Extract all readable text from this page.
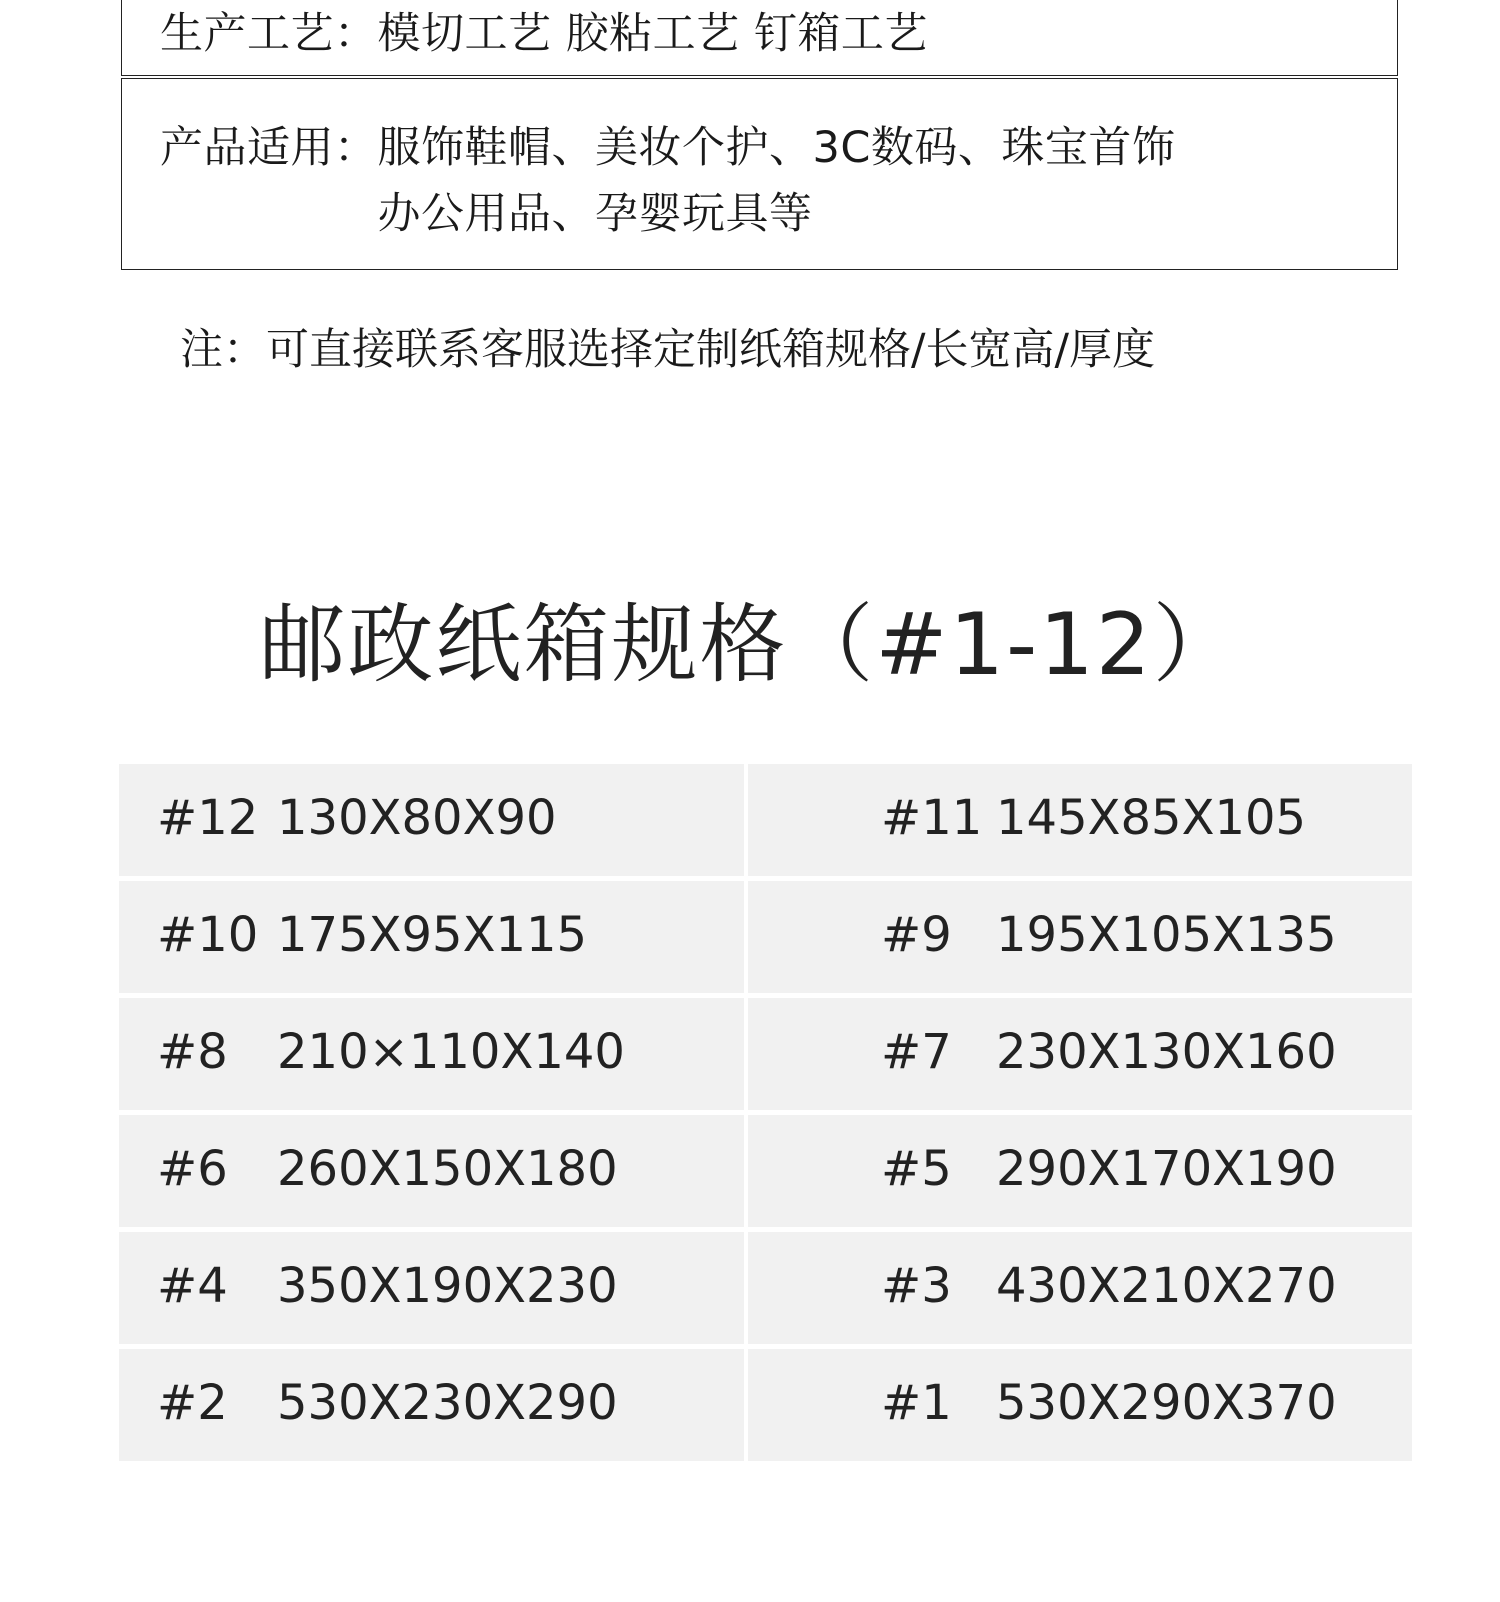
生产工艺：模切工艺 胶粘工艺 钉箱工艺
产品适用：服饰鞋帽、美妆个护、3C数码、珠宝首饰
办公用品、孕婴玩具等
注：可直接联系客服选择定制纸箱规格/长宽高/厚度
邮政纸箱规格（#1-12）
#12 130X80X90	#11 145X85X105
#10 175X95X115	#9 195X105X135
#8 210×110X140	#7 230X130X160
#6 260X150X180	#5 290X170X190
#4 350X190X230	#3 430X210X270
#2 530X230X290	#1 530X290X370
